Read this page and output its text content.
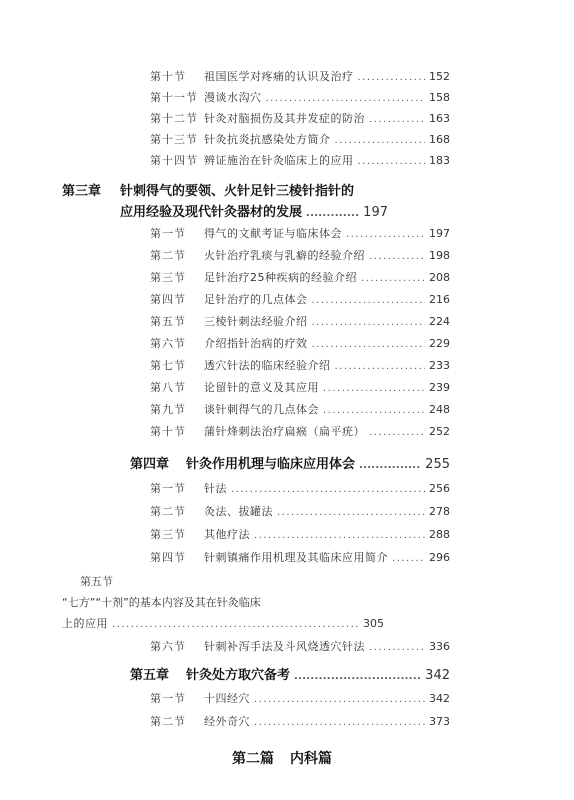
第十节	祖国医学对疼痛的认识及治疗 .....	152
第十一节 漫谈水沟穴 .....	158
第十二节 针灸对脑损伤及其并发症的防治 .....	163
第十三节 针灸抗炎抗感染处方简介 .....	168
第十四节 辨证施治在针灸临床上的应用 .....	183
第三章 针刺得气的要领、火针足针三棱针指针的
应用经验及现代针灸器材的发展 .....	197
第一节	得气的文献考证与临床体会 .....	197
第二节	火针治疗乳痰与乳癖的经验介绍 .....	198
第三节	足针治疗25种疾病的经验介绍 .....	208
第四节	足针治疗的几点体会 .....	216
第五节	三棱针刺法经验介绍 .....	224
第六节	介绍指针治病的疗效 .....	229
第七节	透穴针法的临床经验介绍 .....	233
第八节	论留针的意义及其应用 .....	239
第九节	谈针刺得气的几点体会 .....	248
第十节	蒲针烽刺法治疗扁瘊（扁平疣） .....	252
第四章	针灸作用机理与临床应用体会 .....	255
第一节	针法 .....	256
第二节	灸法、拔罐法 .....	278
第三节	其他疗法 .....	288
第四节	针刺镇痛作用机理及其临床应用简介 .....	296
第五节
“七方”“十剂”的基本内容及其在针灸临床
上的应用 .....	305
第六节	针刺补泻手法及斗风烧透穴针法 .....	336
第五章	针灸处方取穴备考 .....	342
第一节	十四经穴 .....	342
第二节	经外奇穴 .....	373
第二篇 内科篇
